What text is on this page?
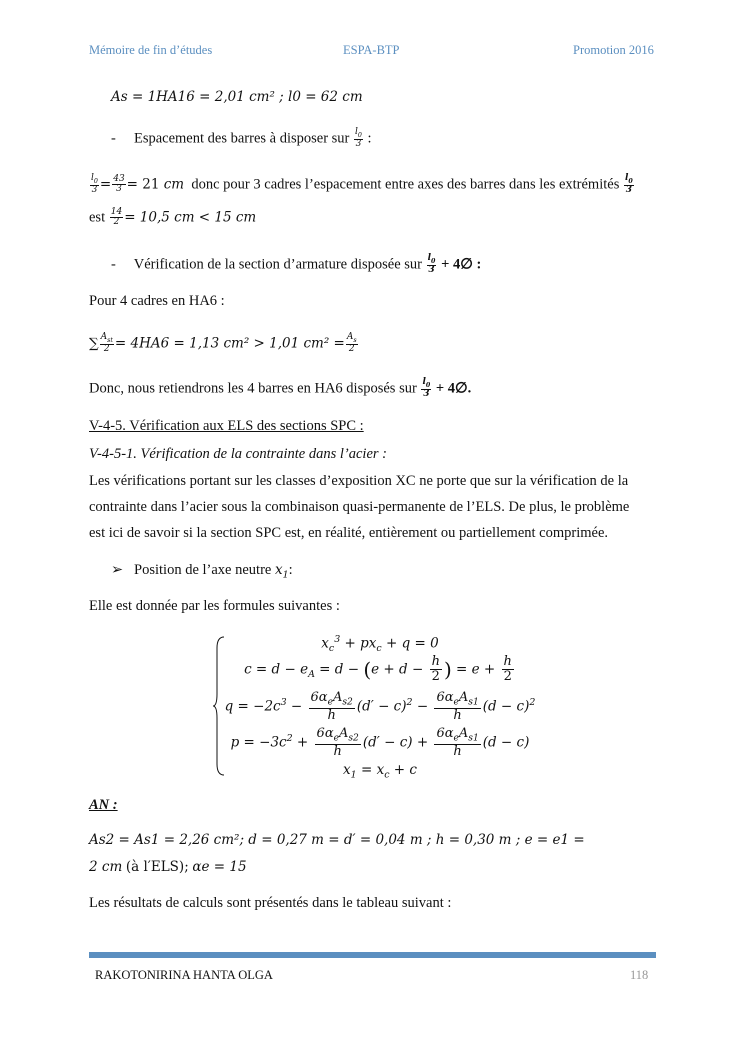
Mémoire de fin d’études	ESPA-BTP	Promotion 2016
As = 1HA16 = 2,01 cm² ; l0 = 62 cm
- Espacement des barres à disposer sur $\frac{l_0}{3}$ :
$\frac{l_0}{3} = \frac{43}{3} = 21$ cm donc pour 3 cadres l’espacement entre axes des barres dans les extrémités $\frac{l_0}{3}$
est $\frac{14}{2} = 10,5$ cm < 15 cm
- Vérification de la section d’armature disposée sur $\frac{l_0}{3}$ + 4∅ :
Pour 4 cadres en HA6 :
∑ $\frac{A_{st}}{2} = 4HA6 = 1,13$ cm² > 1,01 $cm^2 = \frac{A_s}{2}$
Donc, nous retiendrons les 4 barres en HA6 disposés sur $\frac{l_0}{3}$ + 4∅.
V-4-5. Vérification aux ELS des sections SPC :
V-4-5-1. Vérification de la contrainte dans l’acier :
Les vérifications portant sur les classes d’exposition XC ne porte que sur la vérification de la
contrainte dans l’acier sous la combinaison quasi-permanente de l’ELS. De plus, le problème
est ici de savoir si la section SPC est, en réalité, entièrement ou partiellement comprimée.
➢ Position de l’axe neutre $x_1$:
Elle est donnée par les formules suivantes :
$x_c^3 + px_c + q = 0$
$c = d - e_A = d - (e + d - \frac{h}{2}$ ) = $e + \frac{h}{2}$
$q = -2c^3$ −
$6\alpha_eA_{s2}$
h
$(d' - c)^2$ −
$6\alpha_eA_{s1}$
h
$(d - c)^2$
$p = -3c^2$ +
$6\alpha_eA_{s2}$
h
(d′ − c) +
$6\alpha_eA_{s1}$
h
(d − c)
$x_1 = x_c + c$
AN :
As2 = As1 = 2,26 cm²; d = 0,27 m = d′ = 0,04 m ; h = 0,30 m ; e = e1 =
2 cm (à l′ELS); αe = 15
Les résultats de calculs sont présentés dans le tableau suivant :
RAKOTONIRINA HANTA OLGA	118
